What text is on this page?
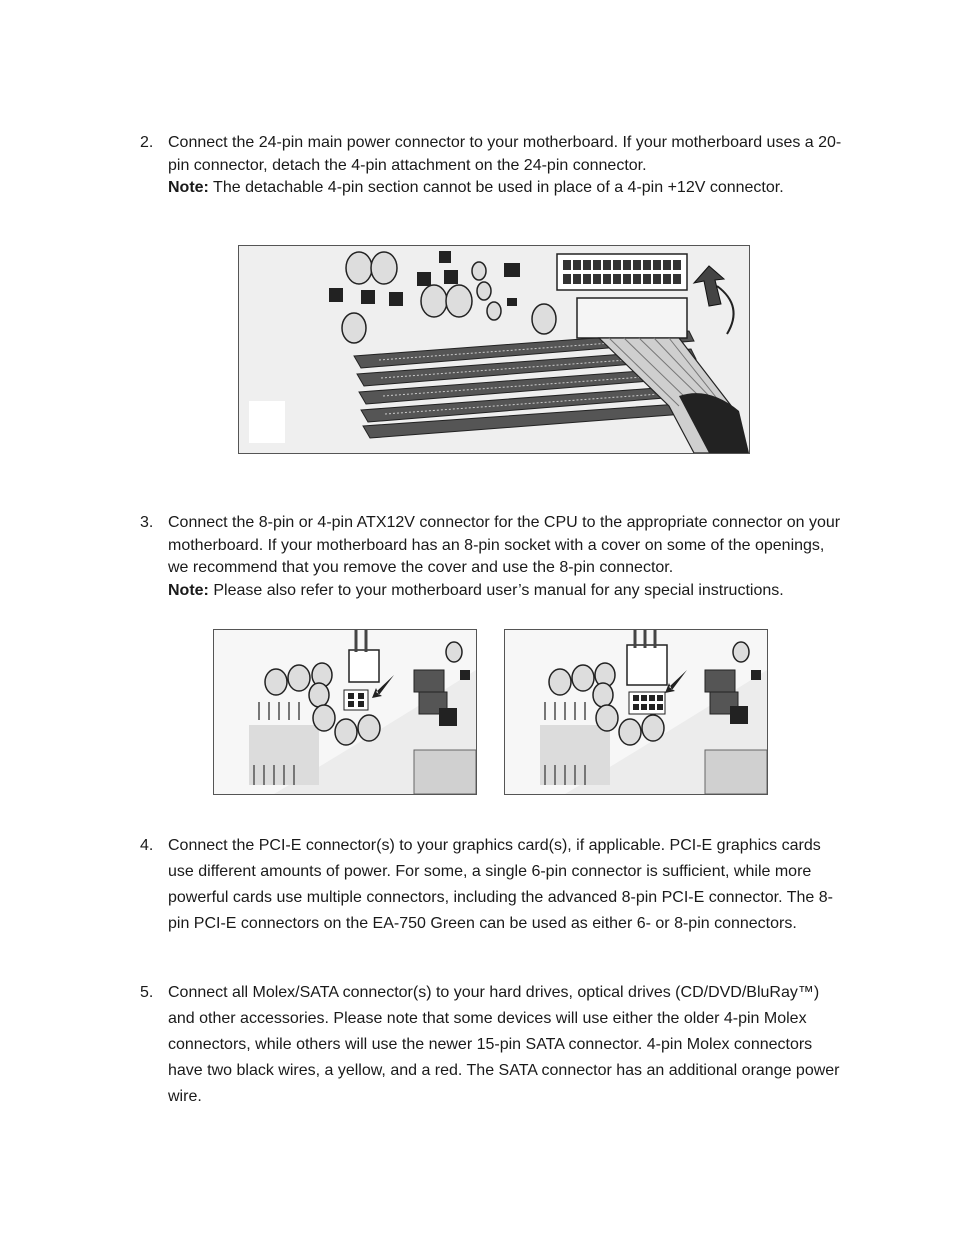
2. Connect the 24-pin main power connector to your motherboard. If your motherboard uses a 20-pin connector, detach the 4-pin attachment on the 24-pin connector.

Note: The detachable 4-pin section cannot be used in place of a 4-pin +12V connector.

3. Connect the 8-pin or 4-pin ATX12V connector for the CPU to the appropriate connector on your motherboard. If your motherboard has an 8-pin socket with a cover on some of the openings, we recommend that you remove the cover and use the 8-pin connector.

Note: Please also refer to your motherboard user’s manual for any special instructions.

4. Connect the PCI-E connector(s) to your graphics card(s), if applicable. PCI-E graphics cards use different amounts of power. For some, a single 6-pin connector is sufficient, while more powerful cards use multiple connectors, including the advanced 8-pin PCI-E connector. The 8-pin PCI-E connectors on the EA-750 Green can be used as either 6- or 8-pin connectors.

5. Connect all Molex/SATA connector(s) to your hard drives, optical drives (CD/DVD/BluRay™) and other accessories. Please note that some devices will use either the older 4-pin Molex connectors, while others will use the newer 15-pin SATA connector. 4-pin Molex connectors have two black wires, a yellow, and a red. The SATA connector has an additional orange power wire.
